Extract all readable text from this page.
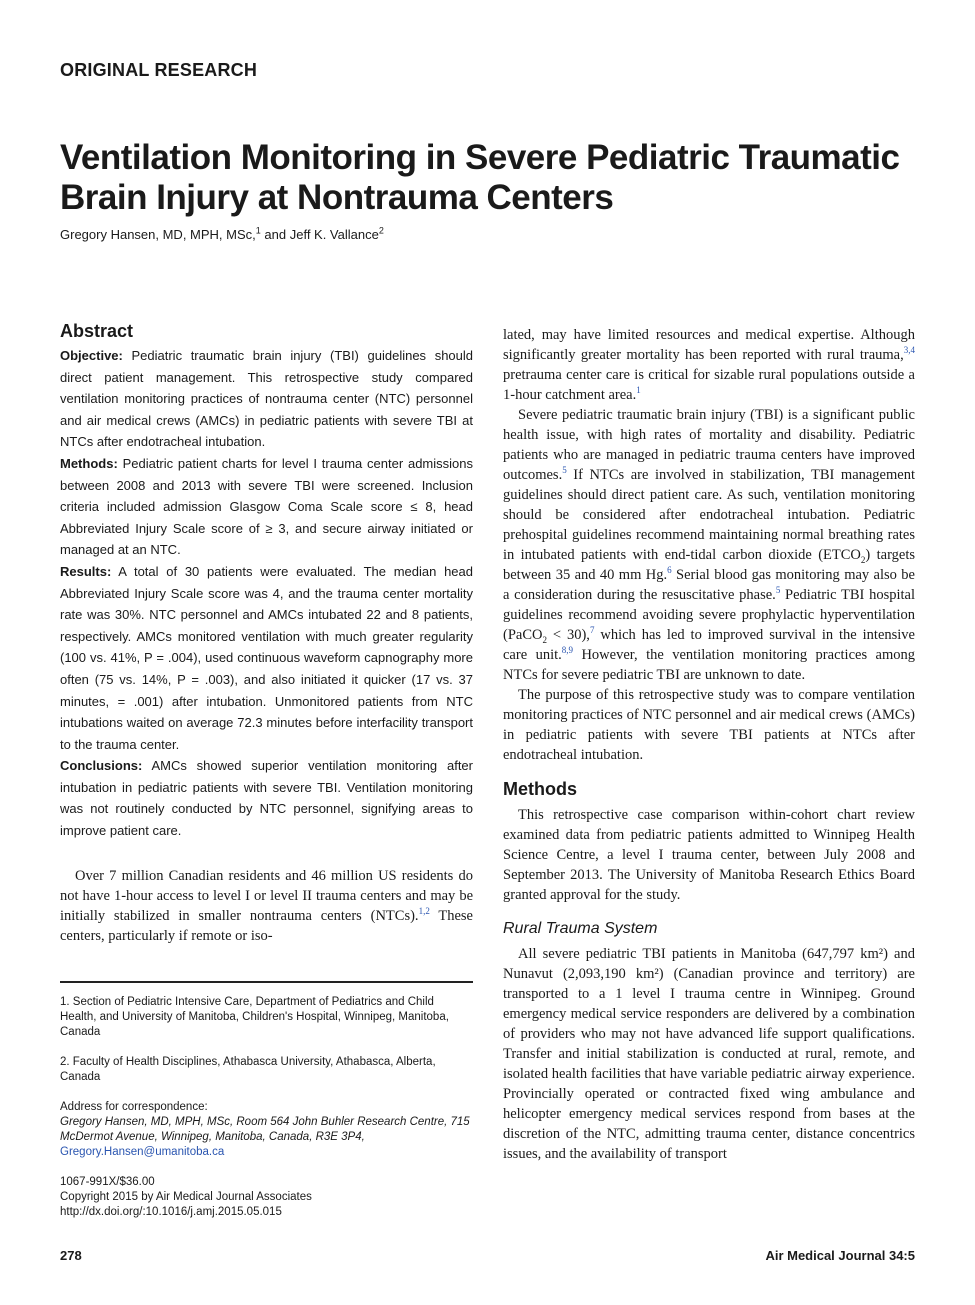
ORIGINAL RESEARCH
Ventilation Monitoring in Severe Pediatric Traumatic Brain Injury at Nontrauma Centers
Gregory Hansen, MD, MPH, MSc,$^1$ and Jeff K. Vallance$^2$
Abstract

Objective: Pediatric traumatic brain injury (TBI) guidelines should direct patient management. This retrospective study compared ventilation monitoring practices of nontrauma center (NTC) personnel and air medical crews (AMCs) in pediatric patients with severe TBI at NTCs after endotracheal intubation.

Methods: Pediatric patient charts for level I trauma center admissions between 2008 and 2013 with severe TBI were screened. Inclusion criteria included admission Glasgow Coma Scale score ≤ 8, head Abbreviated Injury Scale score of ≥ 3, and secure airway initiated or managed at an NTC.

Results: A total of 30 patients were evaluated. The median head Abbreviated Injury Scale score was 4, and the trauma center mortality rate was 30%. NTC personnel and AMCs intubated 22 and 8 patients, respectively. AMCs monitored ventilation with much greater regularity (100 vs. 41%, P = .004), used continuous waveform capnography more often (75 vs. 14%, P = .003), and also initiated it quicker (17 vs. 37 minutes, = .001) after intubation. Unmonitored patients from NTC intubations waited on average 72.3 minutes before interfacility transport to the trauma center.

Conclusions: AMCs showed superior ventilation monitoring after intubation in pediatric patients with severe TBI. Ventilation monitoring was not routinely conducted by NTC personnel, signifying areas to improve patient care.

Over 7 million Canadian residents and 46 million US residents do not have 1-hour access to level I or level II trauma centers and may be initially stabilized in smaller nontrauma centers (NTCs).$^{1,2}$ These centers, particularly if remote or iso-

1. Section of Pediatric Intensive Care, Department of Pediatrics and Child Health, and University of Manitoba, Children's Hospital, Winnipeg, Manitoba, Canada

2. Faculty of Health Disciplines, Athabasca University, Athabasca, Alberta, Canada

Address for correspondence:

Gregory Hansen, MD, MPH, MSc, Room 564 John Buhler Research Centre, 715

McDermot Avenue, Winnipeg, Manitoba, Canada, R3E 3P4,

Gregory.Hansen@umanitoba.ca

1067-991X/$36.00

Copyright 2015 by Air Medical Journal Associates

http://dx.doi.org/:10.1016/j.amj.2015.05.015

lated, may have limited resources and medical expertise. Although significantly greater mortality has been reported with rural trauma,$^{3,4}$ pretrauma center care is critical for sizable rural populations outside a 1-hour catchment area.$^1$

Severe pediatric traumatic brain injury (TBI) is a significant public health issue, with high rates of mortality and disability. Pediatric patients who are managed in pediatric trauma centers have improved outcomes.$^5$ If NTCs are involved in stabilization, TBI management guidelines should direct patient care. As such, ventilation monitoring should be considered after endotracheal intubation. Pediatric prehospital guidelines recommend maintaining normal breathing rates in intubated patients with end-tidal carbon dioxide $(ETCO_2)$ targets between 35 and 40 mm Hg.$^6$ Serial blood gas monitoring may also be a consideration during the resuscitative phase.$^5$ Pediatric TBI hospital guidelines recommend avoiding severe prophylactic hyperventilation (PaCO$_2$ < 30),$^7$ which has led to improved survival in the intensive care unit.$^{8,9}$ However, the ventilation monitoring practices among NTCs for severe pediatric TBI are unknown to date.

The purpose of this retrospective study was to compare ventilation monitoring practices of NTC personnel and air medical crews (AMCs) in pediatric patients with severe TBI patients at NTCs after endotracheal intubation.

Methods

This retrospective case comparison within-cohort chart review examined data from pediatric patients admitted to Winnipeg Health Science Centre, a level I trauma center, between July 2008 and September 2013. The University of Manitoba Research Ethics Board granted approval for the study.

Rural Trauma System

All severe pediatric TBI patients in Manitoba (647,797 km²) and Nunavut (2,093,190 km²) (Canadian province and territory) are transported to a 1 level I trauma centre in Winnipeg. Ground emergency medical service responders are delivered by a combination of providers who may not have advanced life support qualifications. Transfer and initial stabilization is conducted at rural, remote, and isolated health facilities that have variable pediatric airway experience. Provincially operated or contracted fixed wing ambulance and helicopter emergency medical services respond from bases at the discretion of the NTC, admitting trauma center, distance concentrics issues, and the availability of transport

278	Air Medical Journal 34:5
